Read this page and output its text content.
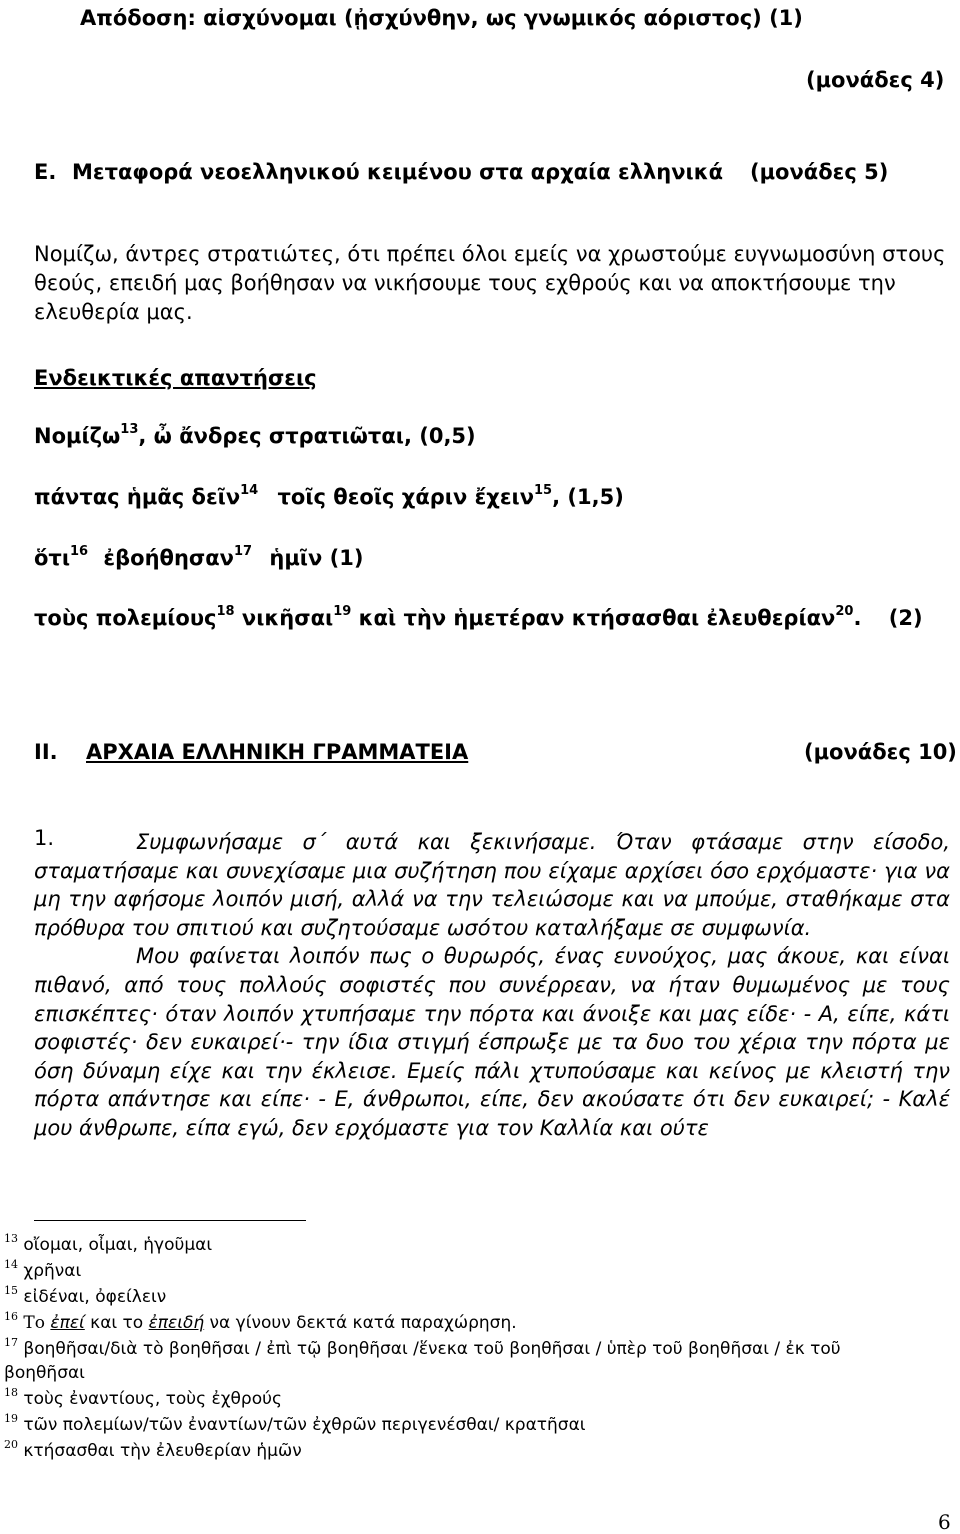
Απόδοση: αἰσχύνομαι (ᾐσχύνθην, ως γνωμικός αόριστος) (1)
(μονάδες 4)
Ε. Μεταφορά νεοελληνικού κειμένου στα αρχαία ελληνικά (μονάδες 5)
Νομίζω, άντρες στρατιώτες, ότι πρέπει όλοι εμείς να χρωστούμε ευγνωμοσύνη στους
θεούς, επειδή μας βοήθησαν να νικήσουμε τους εχθρούς και να αποκτήσουμε την
ελευθερία μας.
Ενδεικτικές απαντήσεις
Νομίζω$^{13}$, ὦ ἄνδρες στρατιῶται, (0,5)
πάντας ἡμᾶς δεῖν$^{14}$ τοῖς θεοῖς χάριν ἔχειν$^{15}$, (1,5)
ὅτι$^{16}$ ἐβοήθησαν$^{17}$ ἡμῖν (1)
τοὺς πολεμίους$^{18}$ νικῆσαι$^{19}$ καὶ τὴν ἡμετέραν κτήσασθαι ἐλευθερίαν$^{20}$. (2)
II. ΑΡΧΑΙΑ ΕΛΛΗΝΙΚΗ ΓΡΑΜΜΑΤΕΙΑ	(μονάδες 10)
1.	Συμφωνήσαμε σ΄ αυτά και ξεκινήσαμε. Όταν φτάσαμε στην είσοδο, σταματήσαμε και συνεχίσαμε μια συζήτηση που είχαμε αρχίσει όσο ερχόμαστε· για να μη την αφήσομε λοιπόν μισή, αλλά να την τελειώσομε και να μπούμε, σταθήκαμε στα πρόθυρα του σπιτιού και συζητούσαμε ωσότου καταλήξαμε σε συμφωνία.
Μου φαίνεται λοιπόν πως ο θυρωρός, ένας ευνούχος, μας άκουε, και είναι πιθανό, από τους πολλούς σοφιστές που συνέρρεαν, να ήταν θυμωμένος με τους επισκέπτες· όταν λοιπόν χτυπήσαμε την πόρτα και άνοιξε και μας είδε· - Α, είπε, κάτι σοφιστές· δεν ευκαιρεί·- την ίδια στιγμή έσπρωξε με τα δυο του χέρια την πόρτα με όση δύναμη είχε και την έκλεισε. Εμείς πάλι χτυπούσαμε και κείνος με κλειστή την πόρτα απάντησε και είπε· - Ε, άνθρωποι, είπε, δεν ακούσατε ότι δεν ευκαιρεί; - Καλέ μου άνθρωπε, είπα εγώ, δεν ερχόμαστε για τον Καλλία και ούτε
$^{13}$ οἴομαι, οἶμαι, ἡγοῦμαι
$^{14}$ χρῆναι
$^{15}$ εἰδέναι, ὀφείλειν
$^{16}$ Το ἐπεί και το ἐπειδή να γίνουν δεκτά κατά παραχώρηση.
$^{17}$ βοηθῆσαι/διὰ τὸ βοηθῆσαι / ἐπὶ τῷ βοηθῆσαι /ἕνεκα τοῦ βοηθῆσαι / ὑπὲρ τοῦ βοηθῆσαι / ἐκ τοῦ
βοηθῆσαι
$^{18}$ τοὺς ἐναντίους, τοὺς ἐχθρούς
$^{19}$ τῶν πολεμίων/τῶν ἐναντίων/τῶν ἐχθρῶν περιγενέσθαι/ κρατῆσαι
$^{20}$ κτήσασθαι τὴν ἐλευθερίαν ἡμῶν
6
